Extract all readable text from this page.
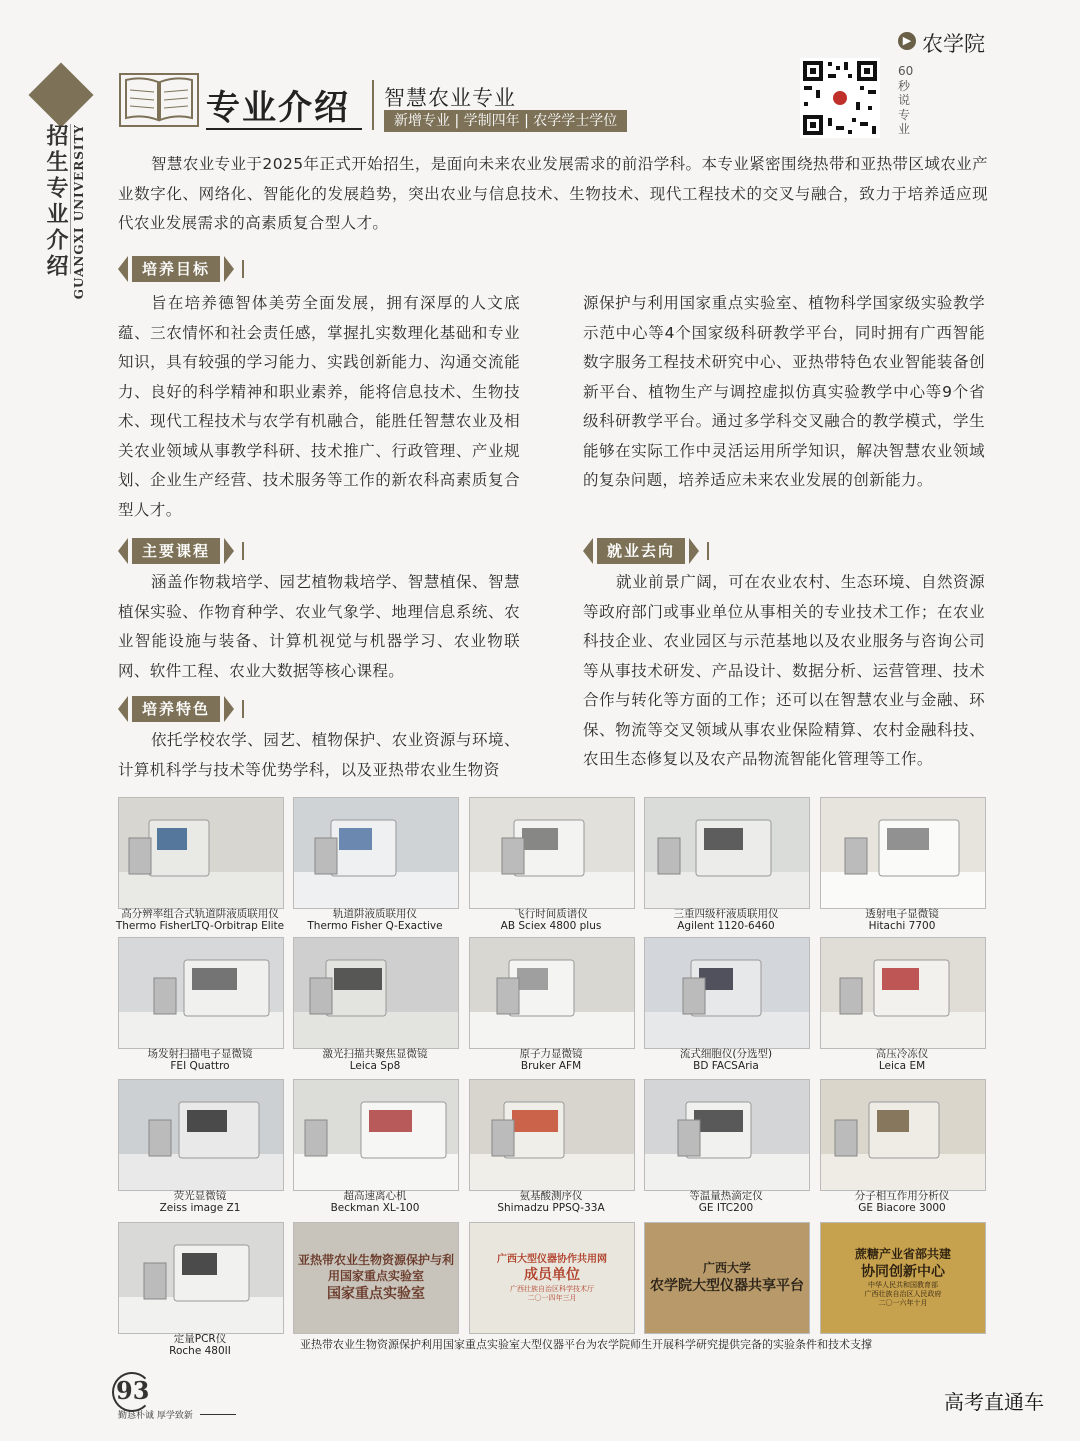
招生专业介绍 GUANGXI UNIVERSITY
专业介绍 智慧农业专业
新增专业 | 学制四年 | 农学学士学位
▶ 农学院
60秒说专业
智慧农业专业于2025年正式开始招生，是面向未来农业发展需求的前沿学科。本专业紧密围绕热带和亚热带区域农业产业数字化、网络化、智能化的发展趋势，突出农业与信息技术、生物技术、现代工程技术的交叉与融合，致力于培养适应现代农业发展需求的高素质复合型人才。
培养目标
旨在培养德智体美劳全面发展，拥有深厚的人文底蕴、三农情怀和社会责任感，掌握扎实数理化基础和专业知识，具有较强的学习能力、实践创新能力、沟通交流能力、良好的科学精神和职业素养，能将信息技术、生物技术、现代工程技术与农学有机融合，能胜任智慧农业及相关农业领域从事教学科研、技术推广、行政管理、产业规划、企业生产经营、技术服务等工作的新农科高素质复合型人才。
主要课程
涵盖作物栽培学、园艺植物栽培学、智慧植保、智慧植保实验、作物育种学、农业气象学、地理信息系统、农业智能设施与装备、计算机视觉与机器学习、农业物联网、软件工程、农业大数据等核心课程。
培养特色
依托学校农学、园艺、植物保护、农业资源与环境、计算机科学与技术等优势学科，以及亚热带农业生物资
源保护与利用国家重点实验室、植物科学国家级实验教学示范中心等4个国家级科研教学平台，同时拥有广西智能数字服务工程技术研究中心、亚热带特色农业智能装备创新平台、植物生产与调控虚拟仿真实验教学中心等9个省级科研教学平台。通过多学科交叉融合的教学模式，学生能够在实际工作中灵活运用所学知识，解决智慧农业领域的复杂问题，培养适应未来农业发展的创新能力。
就业去向
就业前景广阔，可在农业农村、生态环境、自然资源等政府部门或事业单位从事相关的专业技术工作；在农业科技企业、农业园区与示范基地以及农业服务与咨询公司等从事技术研发、产品设计、数据分析、运营管理、技术合作与转化等方面的工作；还可以在智慧农业与金融、环保、物流等交叉领域从事农业保险精算、农村金融科技、农田生态修复以及农产品物流智能化管理等工作。
高分辨率组合式轨道阱液质联用仪
Thermo FisherLTQ-Orbitrap Elite
轨道阱液质联用仪
Thermo Fisher Q-Exactive
飞行时间质谱仪
AB Sciex 4800 plus
三重四级杆液质联用仪
Agilent 1120-6460
透射电子显微镜
Hitachi 7700
场发射扫描电子显微镜
FEI Quattro
激光扫描共聚焦显微镜
Leica Sp8
原子力显微镜
Bruker AFM
流式细胞仪(分选型)
BD FACSAria
高压冷冻仪
Leica EM
荧光显微镜
Zeiss image Z1
超高速离心机
Beckman XL-100
氨基酸测序仪
Shimadzu PPSQ-33A
等温量热滴定仪
GE ITC200
分子相互作用分析仪
GE Biacore 3000
定量PCR仪
Roche 480II
亚热带农业生物资源保护与利用国家重点实验室
国家重点实验室
广西大型仪器协作共用网
成员单位
广西壮族自治区科学技术厅
二〇一四年三月
广西大学
农学院大型仪器共享平台
蔗糖产业省部共建
协同创新中心
中华人民共和国教育部
广西壮族自治区人民政府
二〇一六年十月
亚热带农业生物资源保护利用国家重点实验室大型仪器平台为农学院师生开展科学研究提供完备的实验条件和技术支撑
93
勤恳朴诚 厚学致新
高考直通车
